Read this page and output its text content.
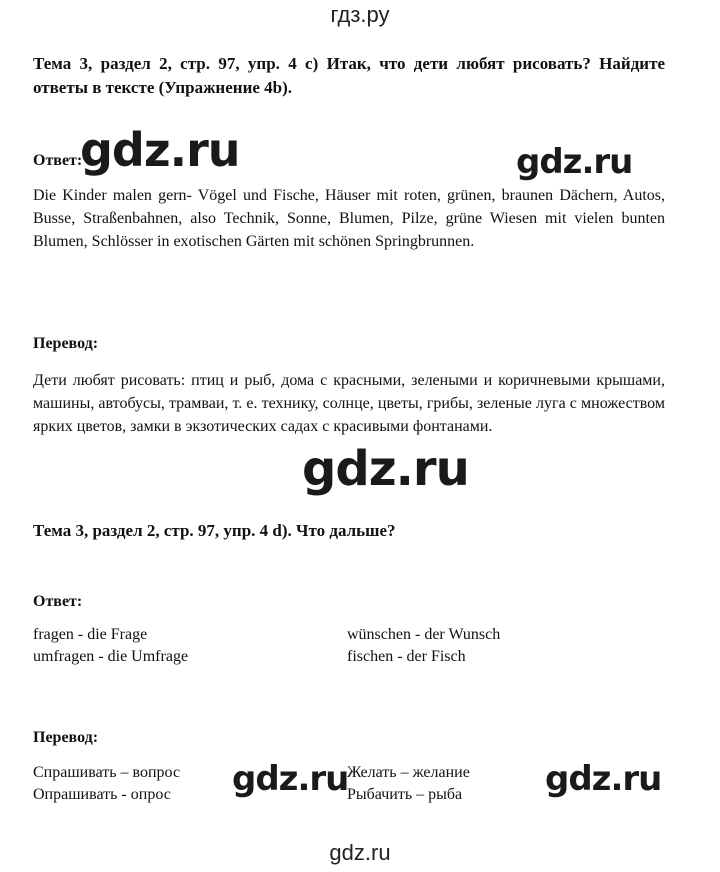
гдз.ру
Тема 3, раздел 2, стр. 97, упр. 4 с) Итак, что дети любят рисовать? Найдите ответы в тексте (Упражнение 4b).
Ответ:

Die Kinder malen gern- Vögel und Fische, Häuser mit roten, grünen, braunen Dächern, Autos, Busse, Straßenbahnen, also Technik, Sonne, Blumen, Pilze, grüne Wiesen mit vielen bunten Blumen, Schlösser in exotischen Gärten mit schönen Springbrunnen.

Перевод:

Дети любят рисовать: птиц и рыб, дома с красными, зелеными и коричневыми крышами, машины, автобусы, трамваи, т. е. технику, солнце, цветы, грибы, зеленые луга с множеством ярких цветов, замки в экзотических садах с красивыми фонтанами.

Тема 3, раздел 2, стр. 97, упр. 4 d). Что дальше?
Ответ:
fragen - die Frage	wünschen - der Wunsch
umfragen - die Umfrage	fischen - der Fisch
Перевод:
Спрашивать – вопрос	Желать – желание
Опрашивать - опрос	Рыбачить – рыба
gdz.ru	gdz.ru
gdz.ru
gdz.ru	gdz.ru
gdz.ru
